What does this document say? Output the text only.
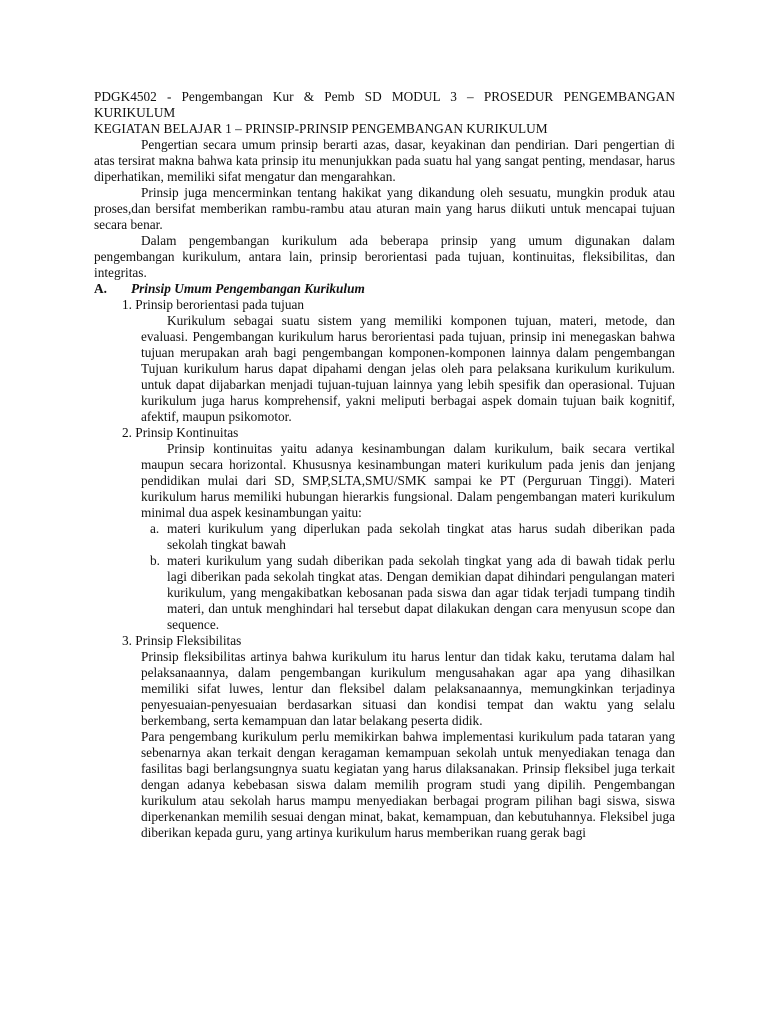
PDGK4502 - Pengembangan Kur & Pemb SD MODUL 3 – PROSEDUR PENGEMBANGAN KURIKULUM

KEGIATAN BELAJAR 1 – PRINSIP-PRINSIP PENGEMBANGAN KURIKULUM

Pengertian secara umum prinsip berarti azas, dasar, keyakinan dan pendirian. Dari pengertian di atas tersirat makna bahwa kata prinsip itu menunjukkan pada suatu hal yang sangat penting, mendasar, harus diperhatikan, memiliki sifat mengatur dan mengarahkan.

Prinsip juga mencerminkan tentang hakikat yang dikandung oleh sesuatu, mungkin produk atau proses,dan bersifat memberikan rambu-rambu atau aturan main yang harus diikuti untuk mencapai tujuan secara benar.

Dalam pengembangan kurikulum ada beberapa prinsip yang umum digunakan dalam pengembangan kurikulum, antara lain, prinsip berorientasi pada tujuan, kontinuitas, fleksibilitas, dan integritas.

A.	Prinsip Umum Pengembangan Kurikulum

1. Prinsip berorientasi pada tujuan

Kurikulum sebagai suatu sistem yang memiliki komponen tujuan, materi, metode, dan evaluasi. Pengembangan kurikulum harus berorientasi pada tujuan, prinsip ini menegaskan bahwa tujuan merupakan arah bagi pengembangan komponen-komponen lainnya dalam pengembangan Tujuan kurikulum harus dapat dipahami dengan jelas oleh para pelaksana kurikulum kurikulum. untuk dapat dijabarkan menjadi tujuan-tujuan lainnya yang lebih spesifik dan operasional. Tujuan kurikulum juga harus komprehensif, yakni meliputi berbagai aspek domain tujuan baik kognitif, afektif, maupun psikomotor.

2. Prinsip Kontinuitas

Prinsip kontinuitas yaitu adanya kesinambungan dalam kurikulum, baik secara vertikal maupun secara horizontal. Khususnya kesinambungan materi kurikulum pada jenis dan jenjang pendidikan mulai dari SD, SMP,SLTA,SMU/SMK sampai ke PT (Perguruan Tinggi). Materi kurikulum harus memiliki hubungan hierarkis fungsional. Dalam pengembangan materi kurikulum minimal dua aspek kesinambungan yaitu:

a. materi kurikulum yang diperlukan pada sekolah tingkat atas harus sudah diberikan pada sekolah tingkat bawah
b. materi kurikulum yang sudah diberikan pada sekolah tingkat yang ada di bawah tidak perlu lagi diberikan pada sekolah tingkat atas. Dengan demikian dapat dihindari pengulangan materi kurikulum, yang mengakibatkan kebosanan pada siswa dan agar tidak terjadi tumpang tindih materi, dan untuk menghindari hal tersebut dapat dilakukan dengan cara menyusun scope dan sequence.

3. Prinsip Fleksibilitas

Prinsip fleksibilitas artinya bahwa kurikulum itu harus lentur dan tidak kaku, terutama dalam hal pelaksanaannya, dalam pengembangan kurikulum mengusahakan agar apa yang dihasilkan memiliki sifat luwes, lentur dan fleksibel dalam pelaksanaannya, memungkinkan terjadinya penyesuaian-penyesuaian berdasarkan situasi dan kondisi tempat dan waktu yang selalu berkembang, serta kemampuan dan latar belakang peserta didik.

Para pengembang kurikulum perlu memikirkan bahwa implementasi kurikulum pada tataran yang sebenarnya akan terkait dengan keragaman kemampuan sekolah untuk menyediakan tenaga dan fasilitas bagi berlangsungnya suatu kegiatan yang harus dilaksanakan. Prinsip fleksibel juga terkait dengan adanya kebebasan siswa dalam memilih program studi yang dipilih. Pengembangan kurikulum atau sekolah harus mampu menyediakan berbagai program pilihan bagi siswa, siswa diperkenankan memilih sesuai dengan minat, bakat, kemampuan, dan kebutuhannya. Fleksibel juga diberikan kepada guru, yang artinya kurikulum harus memberikan ruang gerak bagi
